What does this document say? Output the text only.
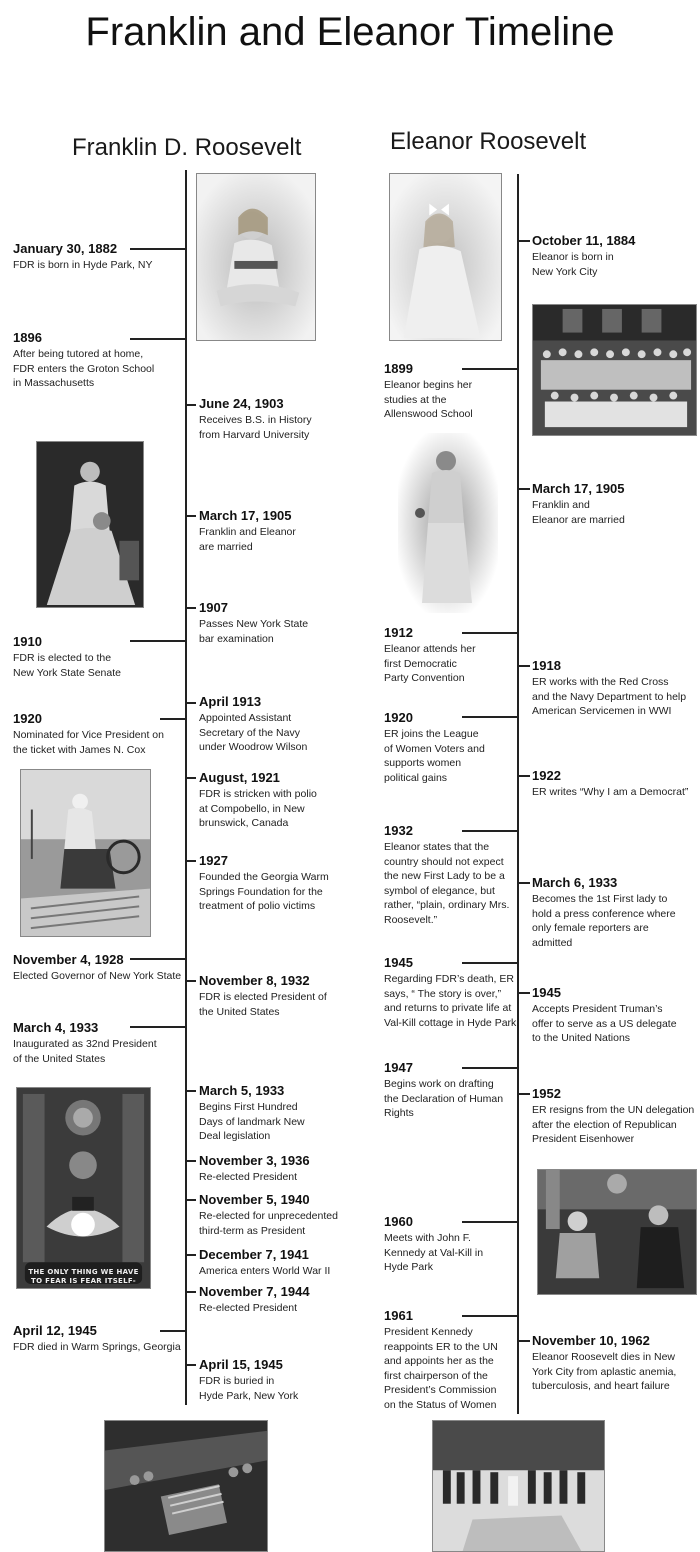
Franklin and Eleanor Timeline
Franklin D. Roosevelt	Eleanor Roosevelt
January 30, 1882
FDR is born in Hyde Park, NY
1896
After being tutored at home,
FDR enters the Groton School
in Massachusetts
June 24, 1903
Receives B.S. in History
from Harvard University
March 17, 1905
Franklin and Eleanor
are married
1907
Passes New York State
bar examination
1910
FDR is elected to the
New York State Senate
April 1913
Appointed Assistant
Secretary of the Navy
under Woodrow Wilson
1920
Nominated for Vice President on
the ticket with James N. Cox
August, 1921
FDR is stricken with polio
at Compobello, in New
brunswick, Canada
1927
Founded the Georgia Warm
Springs Foundation for the
treatment of polio victims
November 4, 1928
Elected Governor of New York State November 8, 1932
FDR is elected President of
the United States
March 4, 1933
Inaugurated as 32nd President
of the United States
March 5, 1933
Begins First Hundred
Days of landmark New
Deal legislation
November 3, 1936
Re-elected President
November 5, 1940
Re-elected for unprecedented
third-term as President
December 7, 1941
America enters World War II
November 7, 1944
Re-elected President
April 12, 1945
FDR died in Warm Springs, Georgia
April 15, 1945
FDR is buried in
Hyde Park, New York
October 11, 1884
Eleanor is born in
New York City
1899
Eleanor begins her
studies at the
Allenswood School
March 17, 1905
Franklin and
Eleanor are married
1912
Eleanor attends her
first Democratic
Party Convention
1918
ER works with the Red Cross
and the Navy Department to help
American Servicemen in WWI
1920
ER joins the League
of Women Voters and
supports women
political gains	1922
ER writes “Why I am a Democrat”
1932
Eleanor states that the
country should not expect
the new First Lady to be a
symbol of elegance, but
rather, “plain, ordinary Mrs.
Roosevelt.”
March 6, 1933
Becomes the 1st First lady to
hold a press conference where
only female reporters are
admitted
1945
Regarding FDR’s death, ER
says, “ The story is over,”
and returns to private life at
Val-Kill cottage in Hyde Park
1945
Accepts President Truman’s
offer to serve as a US delegate
to the United Nations
1947
Begins work on drafting
the Declaration of Human
Rights
1952
ER resigns from the UN delegation
after the election of Republican
President Eisenhower
1960
Meets with John F.
Kennedy at Val-Kill in
Hyde Park
1961
President Kennedy
reappoints ER to the UN
and appoints her as the
first chairperson of the
President’s Commission
on the Status of Women
November 10, 1962
Eleanor Roosevelt dies in New
York City from aplastic anemia,
tuberculosis, and heart failure
THE ONLY THING WE HAVE
TO FEAR IS FEAR ITSELF-
